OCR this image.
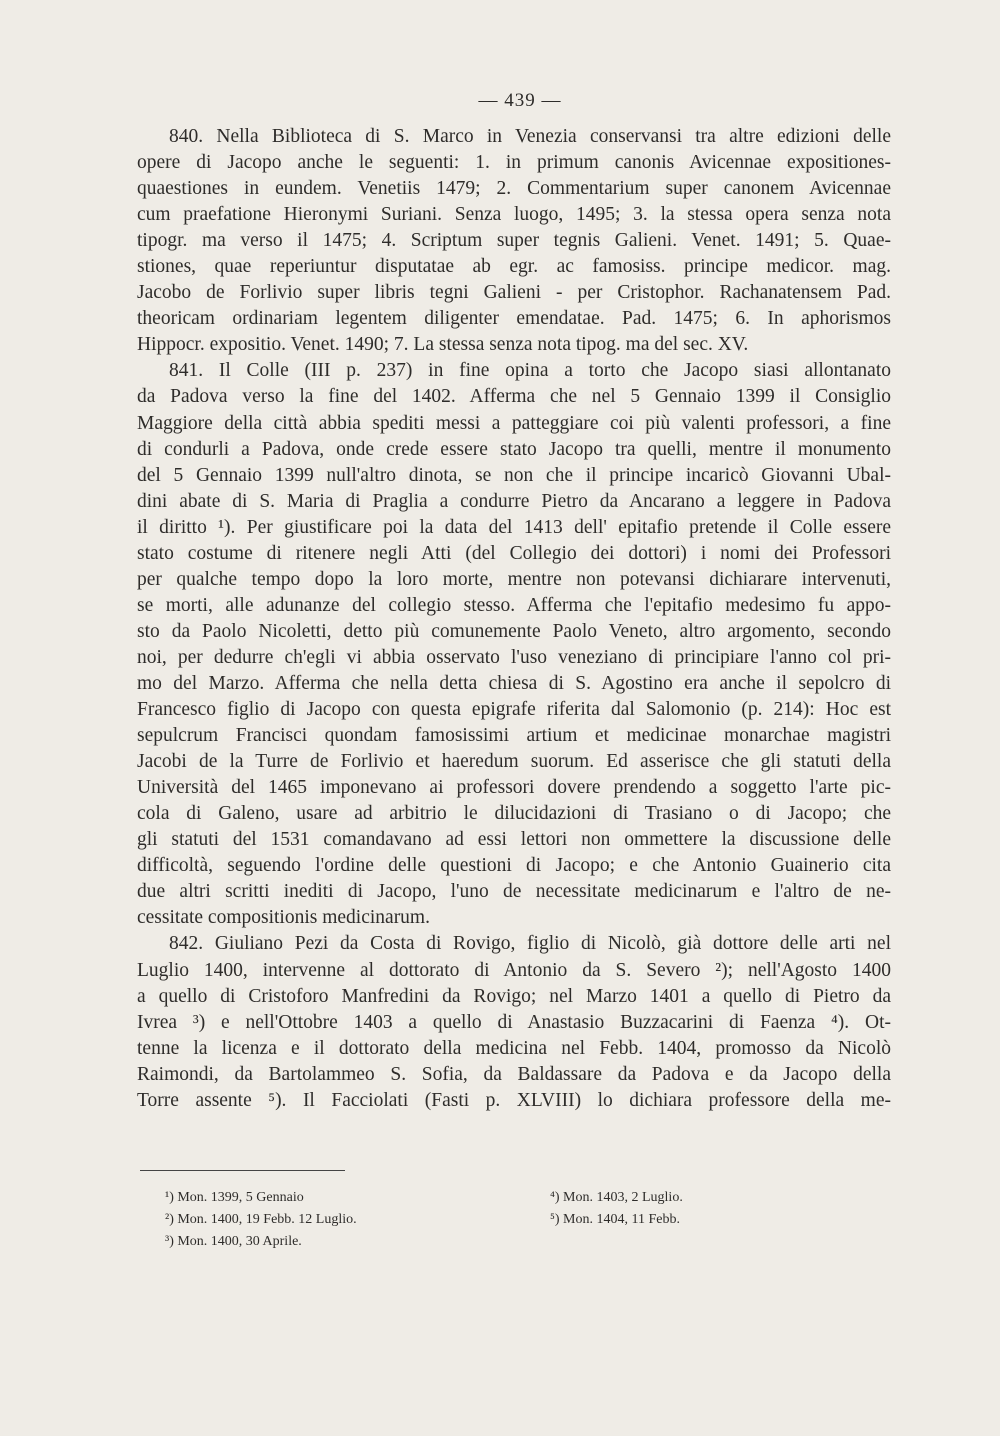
— 439 —
840. Nella Biblioteca di S. Marco in Venezia conservansi tra altre edizioni delle
opere di Jacopo anche le seguenti: 1. in primum canonis Avicennae expositiones-
quaestiones in eundem. Venetiis 1479; 2. Commentarium super canonem Avicennae
cum praefatione Hieronymi Suriani. Senza luogo, 1495; 3. la stessa opera senza nota
tipogr. ma verso il 1475; 4. Scriptum super tegnis Galieni. Venet. 1491; 5. Quae-
stiones, quae reperiuntur disputatae ab egr. ac famosiss. principe medicor. mag.
Jacobo de Forlivio super libris tegni Galieni - per Cristophor. Rachanatensem Pad.
theoricam ordinariam legentem diligenter emendatae. Pad. 1475; 6. In aphorismos
Hippocr. expositio. Venet. 1490; 7. La stessa senza nota tipog. ma del sec. XV.
841. Il Colle (III p. 237) in fine opina a torto che Jacopo siasi allontanato
da Padova verso la fine del 1402. Afferma che nel 5 Gennaio 1399 il Consiglio
Maggiore della città abbia spediti messi a patteggiare coi più valenti professori, a fine
di condurli a Padova, onde crede essere stato Jacopo tra quelli, mentre il monumento
del 5 Gennaio 1399 null'altro dinota, se non che il principe incaricò Giovanni Ubal-
dini abate di S. Maria di Praglia a condurre Pietro da Ancarano a leggere in Padova
il diritto ¹). Per giustificare poi la data del 1413 dell' epitafio pretende il Colle essere
stato costume di ritenere negli Atti (del Collegio dei dottori) i nomi dei Professori
per qualche tempo dopo la loro morte, mentre non potevansi dichiarare intervenuti,
se morti, alle adunanze del collegio stesso. Afferma che l'epitafio medesimo fu appo-
sto da Paolo Nicoletti, detto più comunemente Paolo Veneto, altro argomento, secondo
noi, per dedurre ch'egli vi abbia osservato l'uso veneziano di principiare l'anno col pri-
mo del Marzo. Afferma che nella detta chiesa di S. Agostino era anche il sepolcro di
Francesco figlio di Jacopo con questa epigrafe riferita dal Salomonio (p. 214): Hoc est
sepulcrum Francisci quondam famosissimi artium et medicinae monarchae magistri
Jacobi de la Turre de Forlivio et haeredum suorum. Ed asserisce che gli statuti della
Università del 1465 imponevano ai professori dovere prendendo a soggetto l'arte pic-
cola di Galeno, usare ad arbitrio le dilucidazioni di Trasiano o di Jacopo; che
gli statuti del 1531 comandavano ad essi lettori non ommettere la discussione delle
difficoltà, seguendo l'ordine delle questioni di Jacopo; e che Antonio Guainerio cita
due altri scritti inediti di Jacopo, l'uno de necessitate medicinarum e l'altro de ne-
cessitate compositionis medicinarum.
842. Giuliano Pezi da Costa di Rovigo, figlio di Nicolò, già dottore delle arti nel
Luglio 1400, intervenne al dottorato di Antonio da S. Severo ²); nell'Agosto 1400
a quello di Cristoforo Manfredini da Rovigo; nel Marzo 1401 a quello di Pietro da
Ivrea ³) e nell'Ottobre 1403 a quello di Anastasio Buzzacarini di Faenza ⁴). Ot-
tenne la licenza e il dottorato della medicina nel Febb. 1404, promosso da Nicolò
Raimondi, da Bartolammeo S. Sofia, da Baldassare da Padova e da Jacopo della
Torre assente ⁵). Il Facciolati (Fasti p. XLVIII) lo dichiara professore della me-
¹) Mon. 1399, 5 Gennaio
²) Mon. 1400, 19 Febb. 12 Luglio.
³) Mon. 1400, 30 Aprile.
⁴) Mon. 1403, 2 Luglio.
⁵) Mon. 1404, 11 Febb.
